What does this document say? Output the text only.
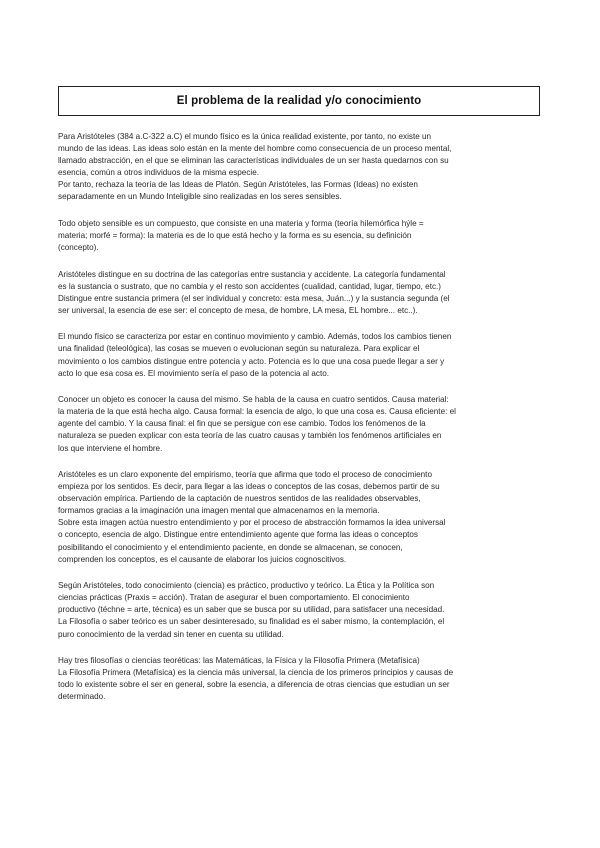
El problema de la realidad y/o conocimiento

Para Aristóteles (384 a.C-322 a.C) el mundo físico es la única realidad existente, por tanto, no existe un
mundo de las ideas. Las ideas solo están en la mente del hombre como consecuencia de un proceso mental,
llamado abstracción, en el que se eliminan las características individuales de un ser hasta quedarnos con su
esencia, común a otros individuos de la misma especie.
Por tanto, rechaza la teoría de las Ideas de Platón. Según Aristóteles, las Formas (Ideas) no existen
separadamente en un Mundo Inteligible sino realizadas en los seres sensibles.

Todo objeto sensible es un compuesto, que consiste en una materia y forma (teoría hilemórfica hýle =
materia; morfé = forma): la materia es de lo que está hecho y la forma es su esencia, su definición
(concepto).

Aristóteles distingue en su doctrina de las categorías entre sustancia y accidente. La categoría fundamental
es la sustancia o sustrato, que no cambia y el resto son accidentes (cualidad, cantidad, lugar, tiempo, etc.)
Distingue entre sustancia primera (el ser individual y concreto: esta mesa, Juán...) y la sustancia segunda (el
ser universal, la esencia de ese ser: el concepto de mesa, de hombre, LA mesa, EL hombre... etc..).

El mundo físico se caracteriza por estar en continuo movimiento y cambio. Además, todos los cambios tienen
una finalidad (teleológica), las cosas se mueven o evolucionan según su naturaleza. Para explicar el
movimiento o los cambios distingue entre potencia y acto. Potencia es lo que una cosa puede llegar a ser y
acto lo que esa cosa es. El movimiento sería el paso de la potencia al acto.

Conocer un objeto es conocer la causa del mismo. Se habla de la causa en cuatro sentidos. Causa material:
la materia de la que está hecha algo. Causa formal: la esencia de algo, lo que una cosa es. Causa eficiente: el
agente del cambio. Y la causa final: el fin que se persigue con ese cambio. Todos los fenómenos de la
naturaleza se pueden explicar con esta teoría de las cuatro causas y también los fenómenos artificiales en
los que interviene el hombre.

Aristóteles es un claro exponente del empirismo, teoría que afirma que todo el proceso de conocimiento
empieza por los sentidos. Es decir, para llegar a las ideas o conceptos de las cosas, debemos partir de su
observación empírica. Partiendo de la captación de nuestros sentidos de las realidades observables,
formamos gracias a la imaginación una imagen mental que almacenamos en la memoria.
Sobre esta imagen actúa nuestro entendimiento y por el proceso de abstracción formamos la idea universal
o concepto, esencia de algo. Distingue entre entendimiento agente que forma las ideas o conceptos
posibilitando el conocimiento y el entendimiento paciente, en donde se almacenan, se conocen,
comprenden los conceptos, es el causante de elaborar los juicios cognoscitivos.

Según Aristóteles, todo conocimiento (ciencia) es práctico, productivo y teórico. La Ética y la Política son
ciencias prácticas (Praxis = acción). Tratan de asegurar el buen comportamiento. El conocimiento
productivo (téchne = arte, técnica) es un saber que se busca por su utilidad, para satisfacer una necesidad.
La Filosofía o saber teórico es un saber desinteresado, su finalidad es el saber mismo, la contemplación, el
puro conocimiento de la verdad sin tener en cuenta su utilidad.

Hay tres filosofías o ciencias teoréticas: las Matemáticas, la Física y la Filosofía Primera (Metafísica)
La Filosofía Primera (Metafísica) es la ciencia más universal, la ciencia de los primeros principios y causas de
todo lo existente sobre el ser en general, sobre la esencia, a diferencia de otras ciencias que estudian un ser
determinado.
